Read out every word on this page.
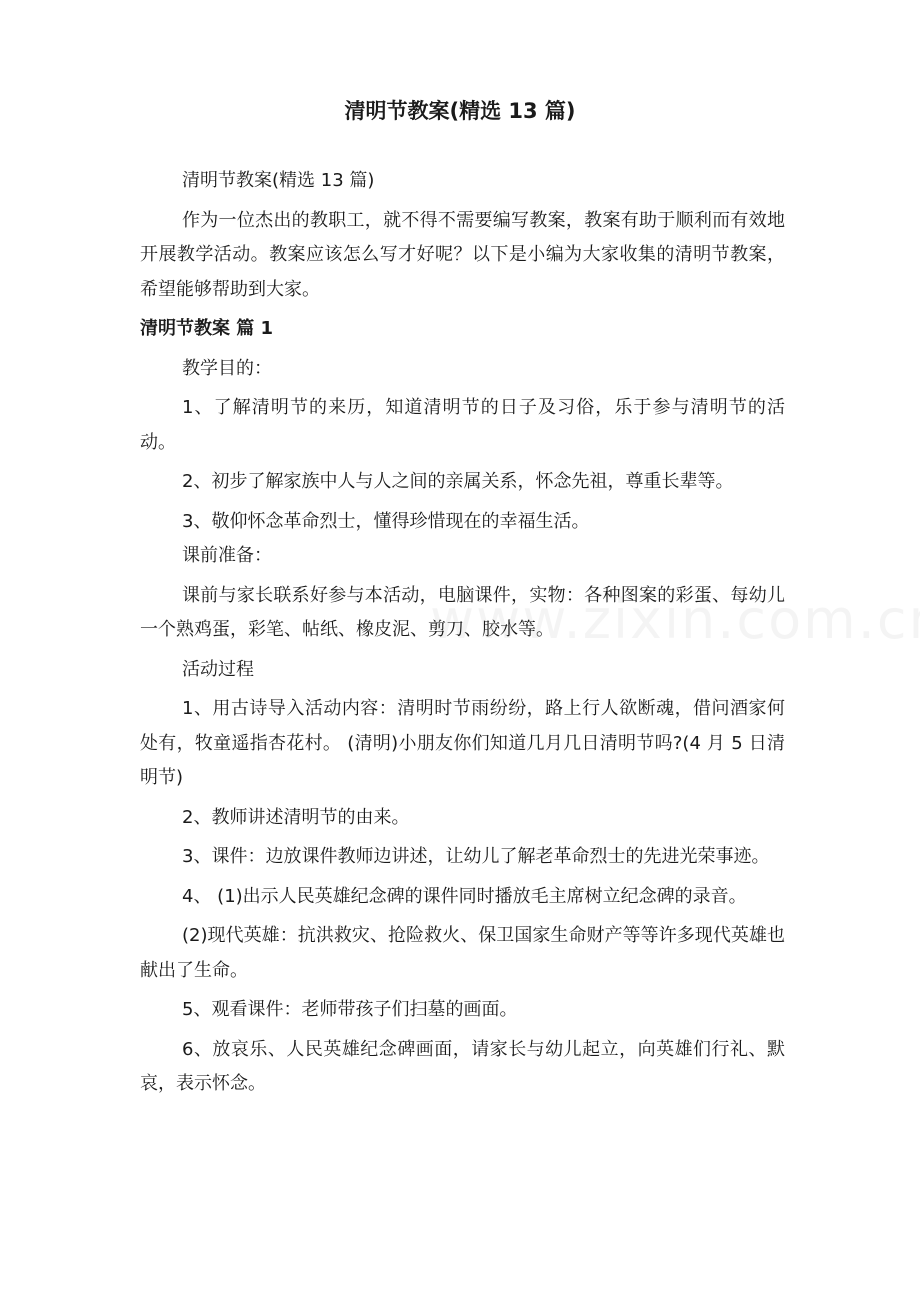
清明节教案(精选 13 篇)

清明节教案(精选 13 篇)

作为一位杰出的教职工，就不得不需要编写教案，教案有助于顺利而有效地开展教学活动。教案应该怎么写才好呢？以下是小编为大家收集的清明节教案，希望能够帮助到大家。

清明节教案 篇 1

教学目的：

1、了解清明节的来历，知道清明节的日子及习俗，乐于参与清明节的活动。

2、初步了解家族中人与人之间的亲属关系，怀念先祖，尊重长辈等。

3、敬仰怀念革命烈士，懂得珍惜现在的幸福生活。

课前准备：

课前与家长联系好参与本活动，电脑课件，实物：各种图案的彩蛋、每幼儿一个熟鸡蛋，彩笔、帖纸、橡皮泥、剪刀、胶水等。

活动过程

1、用古诗导入活动内容：清明时节雨纷纷，路上行人欲断魂，借问酒家何处有，牧童遥指杏花村。 (清明)小朋友你们知道几月几日清明节吗?(4 月 5 日清明节)

2、教师讲述清明节的由来。

3、课件：边放课件教师边讲述，让幼儿了解老革命烈士的先进光荣事迹。

4、 (1)出示人民英雄纪念碑的课件同时播放毛主席树立纪念碑的录音。

(2)现代英雄：抗洪救灾、抢险救火、保卫国家生命财产等等许多现代英雄也献出了生命。

5、观看课件：老师带孩子们扫墓的画面。

6、放哀乐、人民英雄纪念碑画面，请家长与幼儿起立，向英雄们行礼、默哀，表示怀念。
